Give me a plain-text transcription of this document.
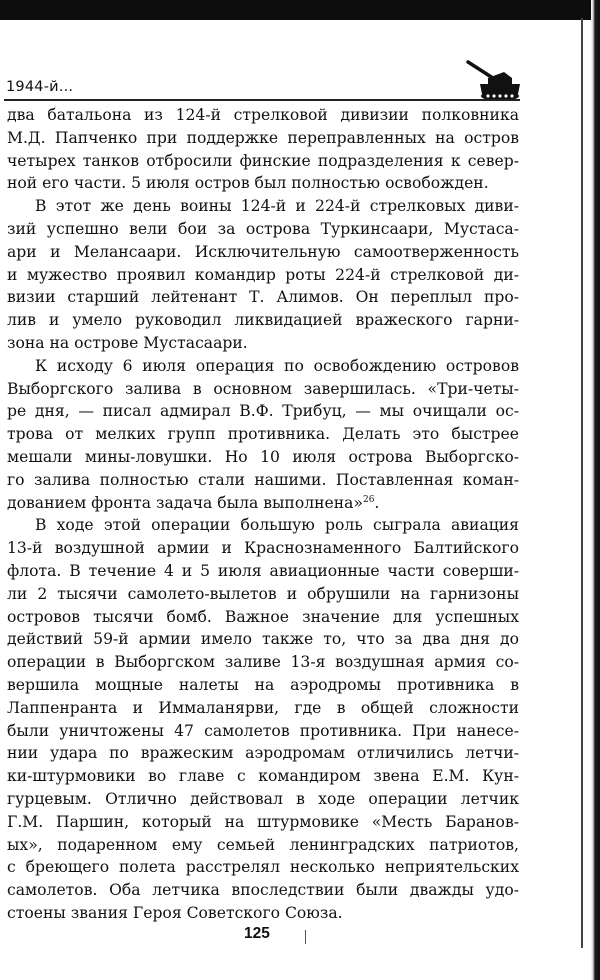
1944-й...
два батальона из 124-й стрелковой дивизии полковника
М.Д. Папченко при поддержке переправленных на остров
четырех танков отбросили финские подразделения к север-
ной его части. 5 июля остров был полностью освобожден.
В этот же день воины 124-й и 224-й стрелковых диви-
зий успешно вели бои за острова Туркинсаари, Мустаса-
ари и Мелансаари. Исключительную самоотверженность
и мужество проявил командир роты 224-й стрелковой ди-
визии старший лейтенант Т. Алимов. Он переплыл про-
лив и умело руководил ликвидацией вражеского гарни-
зона на острове Мустасаари.
К исходу 6 июля операция по освобождению островов
Выборгского залива в основном завершилась. «Три-четы-
ре дня, — писал адмирал В.Ф. Трибуц, — мы очищали ос-
трова от мелких групп противника. Делать это быстрее
мешали мины-ловушки. Но 10 июля острова Выборгско-
го залива полностью стали нашими. Поставленная коман-
дованием фронта задача была выполнена»$^{26}$.
В ходе этой операции большую роль сыграла авиация
13-й воздушной армии и Краснознаменного Балтийского
флота. В течение 4 и 5 июля авиационные части соверши-
ли 2 тысячи самолето-вылетов и обрушили на гарнизоны
островов тысячи бомб. Важное значение для успешных
действий 59-й армии имело также то, что за два дня до
операции в Выборгском заливе 13-я воздушная армия со-
вершила мощные налеты на аэродромы противника в
Лаппенранта и Иммаланярви, где в общей сложности
были уничтожены 47 самолетов противника. При нанесе-
нии удара по вражеским аэродромам отличились летчи-
ки-штурмовики во главе с командиром звена Е.М. Кун-
гурцевым. Отлично действовал в ходе операции летчик
Г.М. Паршин, который на штурмовике «Месть Баранов-
ых», подаренном ему семьей ленинградских патриотов,
с бреющего полета расстрелял несколько неприятельских
самолетов. Оба летчика впоследствии были дважды удо-
стоены звания Героя Советского Союза.
125
